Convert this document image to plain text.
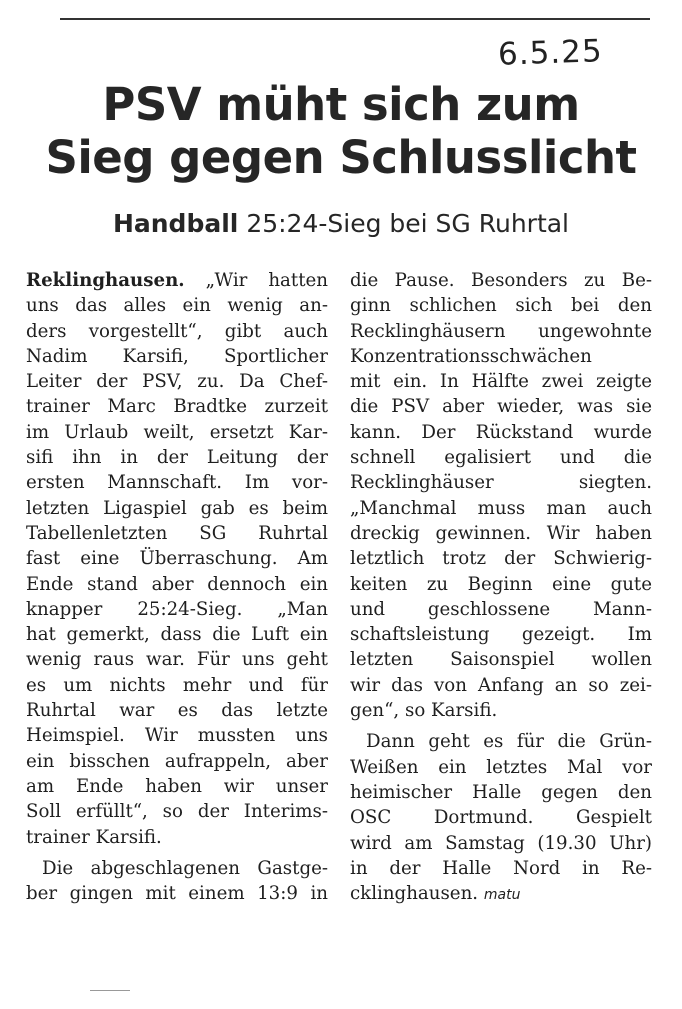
6.5.25
PSV müht sich zum
Sieg gegen Schlusslicht
Handball 25:24-Sieg bei SG Ruhrtal
Reklinghausen. „Wir hatten
uns das alles ein wenig an-
ders vorgestellt“, gibt auch
Nadim Karsifi, Sportlicher
Leiter der PSV, zu. Da Chef-
trainer Marc Bradtke zurzeit
im Urlaub weilt, ersetzt Kar-
sifi ihn in der Leitung der
ersten Mannschaft. Im vor-
letzten Ligaspiel gab es beim
Tabellenletzten SG Ruhrtal
fast eine Überraschung. Am
Ende stand aber dennoch ein
knapper 25:24-Sieg. „Man
hat gemerkt, dass die Luft ein
wenig raus war. Für uns geht
es um nichts mehr und für
Ruhrtal war es das letzte
Heimspiel. Wir mussten uns
ein bisschen aufrappeln, aber
am Ende haben wir unser
Soll erfüllt“, so der Interims-
trainer Karsifi.
Die abgeschlagenen Gastge-
ber gingen mit einem 13:9 in
die Pause. Besonders zu Be-
ginn schlichen sich bei den
Recklinghäusern ungewohnte
Konzentrationsschwächen
mit ein. In Hälfte zwei zeigte
die PSV aber wieder, was sie
kann. Der Rückstand wurde
schnell egalisiert und die
Recklinghäuser siegten.
„Manchmal muss man auch
dreckig gewinnen. Wir haben
letztlich trotz der Schwierig-
keiten zu Beginn eine gute
und geschlossene Mann-
schaftsleistung gezeigt. Im
letzten Saisonspiel wollen
wir das von Anfang an so zei-
gen“, so Karsifi.
Dann geht es für die Grün-
Weißen ein letztes Mal vor
heimischer Halle gegen den
OSC Dortmund. Gespielt
wird am Samstag (19.30 Uhr)
in der Halle Nord in Re-
cklinghausen. matu
